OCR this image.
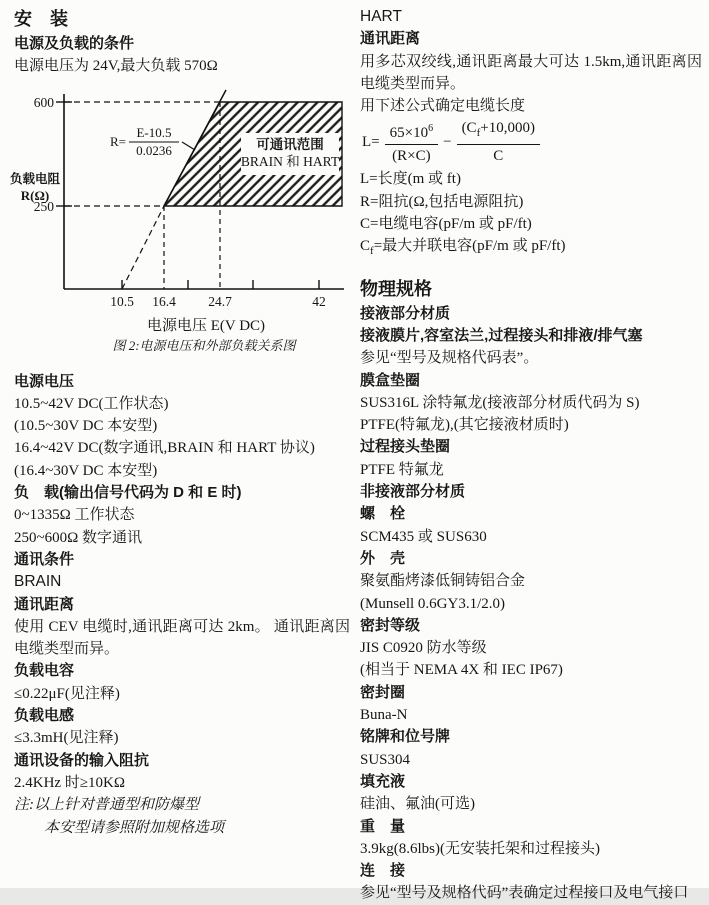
安　装
电源及负载的条件
电源电压为 24V,最大负载 570Ω
600
250
10.5 16.4 24.7	42
负载电阻
R(Ω)
R=
E-10.5
0.0236	可通讯范围
BRAIN 和 HART
电源电压 E(V DC)
图 2:电源电压和外部负载关系图
电源电压
10.5~42V DC(工作状态)
(10.5~30V DC 本安型)
16.4~42V DC(数字通讯,BRAIN 和 HART 协议)
(16.4~30V DC 本安型)
负　载(输出信号代码为 D 和 E 时)
0~1335Ω 工作状态
250~600Ω 数字通讯
通讯条件
BRAIN
通讯距离
使用 CEV 电缆时,通讯距离可达 2km。 通讯距离因电缆类型而异。
负载电容
≤0.22μF(见注释)
负载电感
≤3.3mH(见注释)
通讯设备的输入阻抗
2.4KHz 时≥10KΩ
注:以上针对普通型和防爆型
本安型请参照附加规格选项
HART
通讯距离
用多芯双绞线,通讯距离最大可达 1.5km,通讯距离因电缆类型而异。
用下述公式确定电缆长度
$L= \frac{65\times 10^6}{(R\times C)} - \frac{(C_f+10,000)}{C}$
L=长度(m 或 ft)
R=阻抗(Ω,包括电源阻抗)
C=电缆电容(pF/m 或 pF/ft)
$C_f=$最大并联电容(pF/m 或 pF/ft)
物理规格
接液部分材质
接液膜片,容室法兰,过程接头和排液/排气塞
参见“型号及规格代码表”。
膜盒垫圈
SUS316L 涂特氟龙(接液部分材质代码为 S)
PTFE(特氟龙),(其它接液材质时)
过程接头垫圈
PTFE 特氟龙
非接液部分材质
螺　栓
SCM435 或 SUS630
外　壳
聚氨酯烤漆低铜铸铝合金
(Munsell 0.6GY3.1/2.0)
密封等级
JIS C0920 防水等级
(相当于 NEMA 4X 和 IEC IP67)
密封圈
Buna-N
铭牌和位号牌
SUS304
填充液
硅油、氟油(可选)
重　量
3.9kg(8.6lbs)(无安装托架和过程接头)
连　接
参见“型号及规格代码”表确定过程接口及电气接口
